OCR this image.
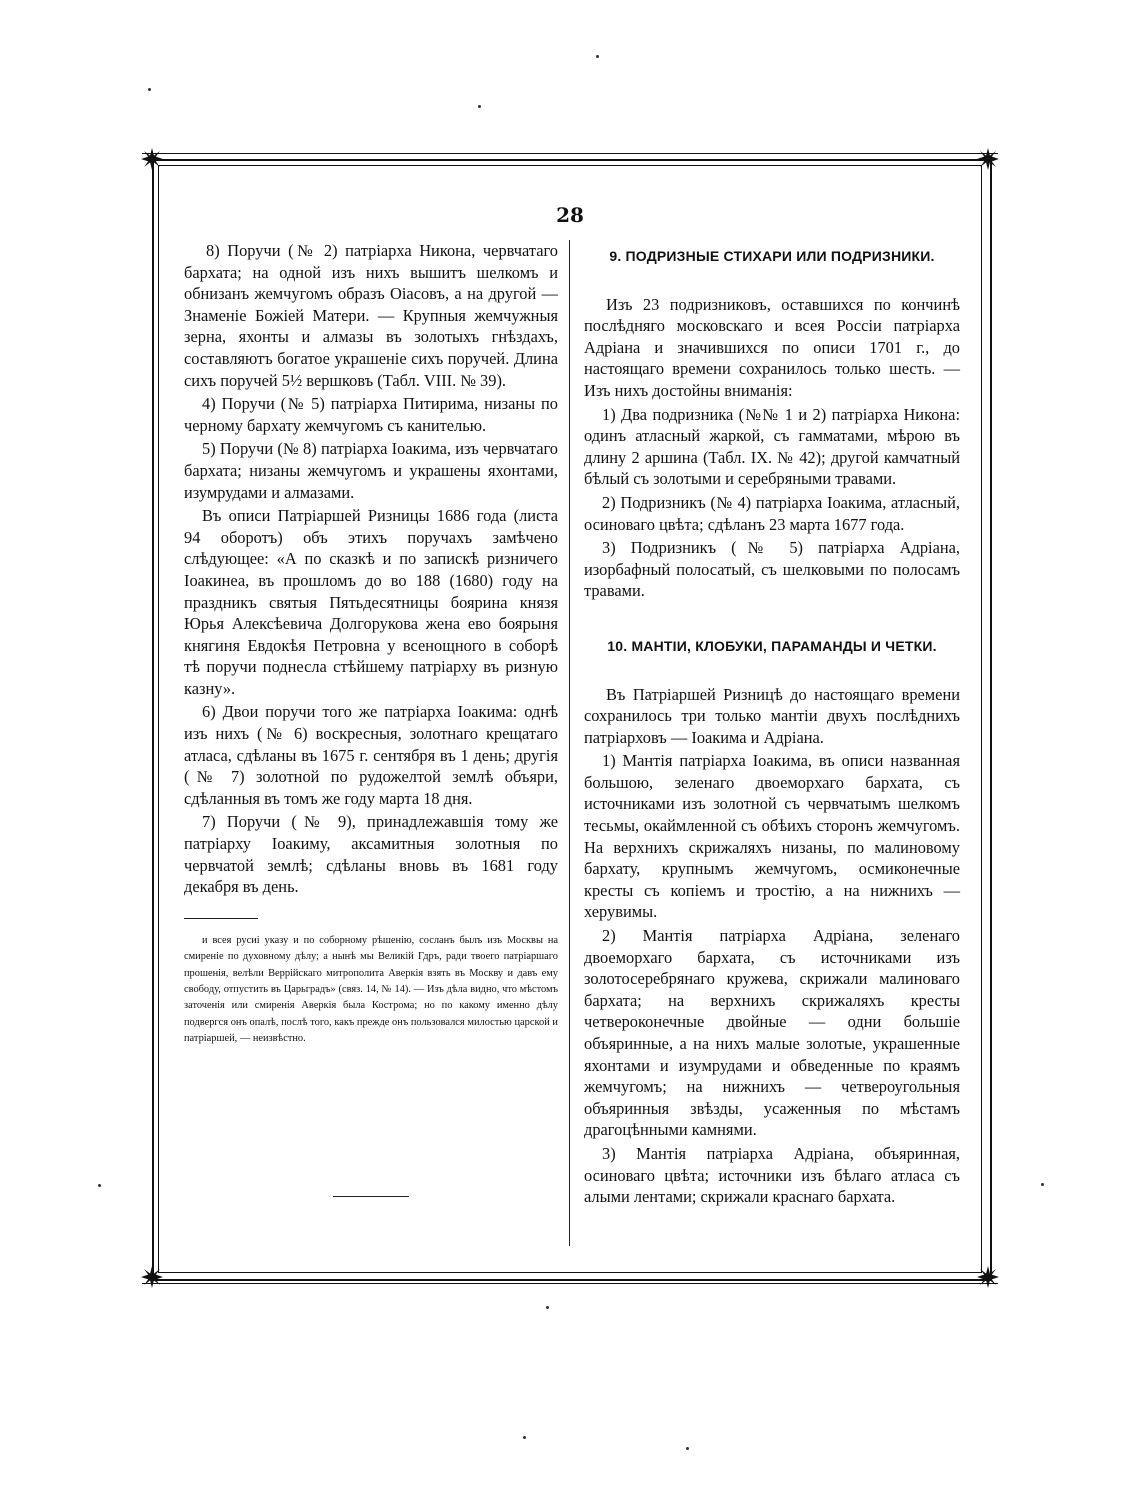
28

8) Поручи (№ 2) патріарха Никона, червчатаго бархата; на одной изъ нихъ вышитъ шелкомъ и обнизанъ жемчугомъ образъ Оіасовъ, а на другой — Знаменіе Божіей Матери. — Крупныя жемчужныя зерна, яхонты и алмазы въ золотыхъ гнѣздахъ, составляютъ богатое украшеніе сихъ поручей. Длина сихъ поручей 5½ вершковъ (Табл. VIII. № 39).

4) Поручи (№ 5) патріарха Питирима, низаны по черному бархату жемчугомъ съ канителью.

5) Поручи (№ 8) патріарха Іоакима, изъ червчатаго бархата; низаны жемчугомъ и украшены яхонтами, изумрудами и алмазами.

Въ описи Патріаршей Ризницы 1686 года (листа 94 оборотъ) объ этихъ поручахъ замѣчено слѣдующее: «А по сказкѣ и по запискѣ ризничего Іоакинеа, въ прошломъ до во 188 (1680) году на праздникъ святыя Пятьдесятницы боярина князя Юрья Алексѣевича Долгорукова жена ево боярыня княгиня Евдокѣя Петровна у всенощного в соборѣ тѣ поручи поднесла стѣйшему патріарху въ ризную казну».

6) Двои поручи того же патріарха Іоакима: однѣ изъ нихъ (№ 6) воскресныя, золотнаго крещатаго атласа, сдѣланы въ 1675 г. сентября въ 1 день; другія (№ 7) золотной по рудожелтой землѣ объяри, сдѣланныя въ томъ же году марта 18 дня.

7) Поручи (№ 9), принадлежавшія тому же патріарху Іоакиму, аксамитныя золотныя по червчатой землѣ; сдѣланы вновь въ 1681 году декабря въ день.

и всея русиі указу и по соборному рѣшенію, сосланъ былъ изъ Москвы на смиреніе по духовному дѣлу; а нынѣ мы Великій Гдръ, ради твоего патріаршаго прошенія, велѣли Веррійскаго митрополита Аверкія взять въ Москву и давъ ему свободу, отпустить въ Царьградъ» (связ. 14, № 14). — Изъ дѣла видно, что мѣстомъ заточенія или смиренія Аверкія была Кострома; но по какому именно дѣлу подвергся онъ опалѣ, послѣ того, какъ прежде онъ пользовался милостью царской и патріаршей, — неизвѣстно.

9. ПОДРИЗНЫЕ СТИХАРИ ИЛИ ПОДРИЗНИКИ.

Изъ 23 подризниковъ, оставшихся по кончинѣ послѣдняго московскаго и всея Россіи патріарха Адріана и значившихся по описи 1701 г., до настоящаго времени сохранилось только шесть. — Изъ нихъ достойны вниманія:

1) Два подризника (№№ 1 и 2) патріарха Никона: одинъ атласный жаркой, съ гамматами, мѣрою въ длину 2 аршина (Табл. IX. № 42); другой камчатный бѣлый съ золотыми и серебряными травами.

2) Подризникъ (№ 4) патріарха Іоакима, атласный, осиноваго цвѣта; сдѣланъ 23 марта 1677 года.

3) Подризникъ (№ 5) патріарха Адріана, изорбафный полосатый, съ шелковыми по полосамъ травами.

10. МАНТІИ, КЛОБУКИ, ПАРАМАНДЫ И ЧЕТКИ.

Въ Патріаршей Ризницѣ до настоящаго времени сохранилось три только мантіи двухъ послѣднихъ патріарховъ — Іоакима и Адріана.

1) Мантія патріарха Іоакима, въ описи названная большою, зеленаго двоеморхаго бархата, съ источниками изъ золотной съ червчатымъ шелкомъ тесьмы, окаймленной съ обѣихъ сторонъ жемчугомъ. На верхнихъ скрижаляхъ низаны, по малиновому бархату, крупнымъ жемчугомъ, осмиконечные кресты съ копіемъ и тростію, а на нижнихъ — херувимы.

2) Мантія патріарха Адріана, зеленаго двоеморхаго бархата, съ источниками изъ золотосеребрянаго кружева, скрижали малиноваго бархата; на верхнихъ скрижаляхъ кресты четвероконечные двойные — одни большіе объяринные, а на нихъ малые золотые, украшенные яхонтами и изумрудами и обведенные по краямъ жемчугомъ; на нижнихъ — четвероугольныя объяринныя звѣзды, усаженныя по мѣстамъ драгоцѣнными камнями.

3) Мантія патріарха Адріана, объяринная, осиноваго цвѣта; источники изъ бѣлаго атласа съ алыми лентами; скрижали краснаго бархата.
